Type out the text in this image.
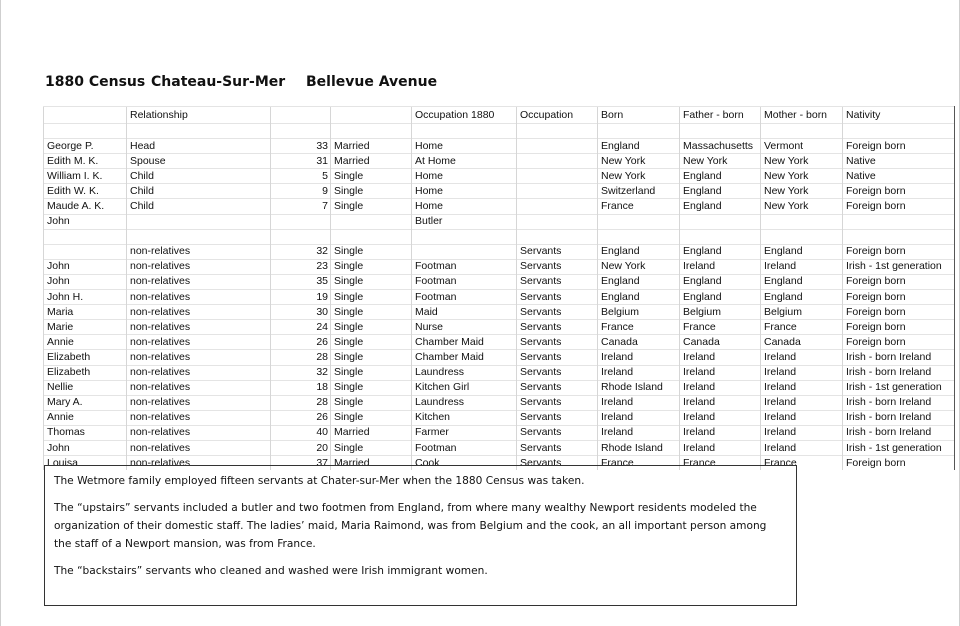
1880 Census Chateau-Sur-Mer Bellevue Avenue
	Relationship			Occupation 1880	Occupation	Born	Father - born	Mother - born	Nativity

George P.	Head	33	Married	Home		England	Massachusetts	Vermont	Foreign born
Edith M. K.	Spouse	31	Married	At Home		New York	New York	New York	Native
William I. K.	Child	5	Single	Home		New York	England	New York	Native
Edith W. K.	Child	9	Single	Home		Switzerland	England	New York	Foreign born
Maude A. K.	Child	7	Single	Home		France	England	New York	Foreign born
John				Butler					

	non-relatives	32	Single		Servants	England	England	England	Foreign born
John	non-relatives	23	Single	Footman	Servants	New York	Ireland	Ireland	Irish - 1st generation
John	non-relatives	35	Single	Footman	Servants	England	England	England	Foreign born
John H.	non-relatives	19	Single	Footman	Servants	England	England	England	Foreign born
Maria	non-relatives	30	Single	Maid	Servants	Belgium	Belgium	Belgium	Foreign born
Marie	non-relatives	24	Single	Nurse	Servants	France	France	France	Foreign born
Annie	non-relatives	26	Single	Chamber Maid	Servants	Canada	Canada	Canada	Foreign born
Elizabeth	non-relatives	28	Single	Chamber Maid	Servants	Ireland	Ireland	Ireland	Irish - born Ireland
Elizabeth	non-relatives	32	Single	Laundress	Servants	Ireland	Ireland	Ireland	Irish - born Ireland
Nellie	non-relatives	18	Single	Kitchen Girl	Servants	Rhode Island	Ireland	Ireland	Irish - 1st generation
Mary A.	non-relatives	28	Single	Laundress	Servants	Ireland	Ireland	Ireland	Irish - born Ireland
Annie	non-relatives	26	Single	Kitchen	Servants	Ireland	Ireland	Ireland	Irish - born Ireland
Thomas	non-relatives	40	Married	Farmer	Servants	Ireland	Ireland	Ireland	Irish - born Ireland
John	non-relatives	20	Single	Footman	Servants	Rhode Island	Ireland	Ireland	Irish - 1st generation
Louisa	non-relatives	37	Married	Cook	Servants	France	France	France	Foreign born

The Wetmore family employed fifteen servants at Chater-sur-Mer when the 1880 Census was taken.

The “upstairs” servants included a butler and two footmen from England, from where many wealthy Newport residents modeled the organization of their domestic staff. The ladies’ maid, Maria Raimond, was from Belgium and the cook, an all important person among the staff of a Newport mansion, was from France.

The “backstairs” servants who cleaned and washed were Irish immigrant women.
